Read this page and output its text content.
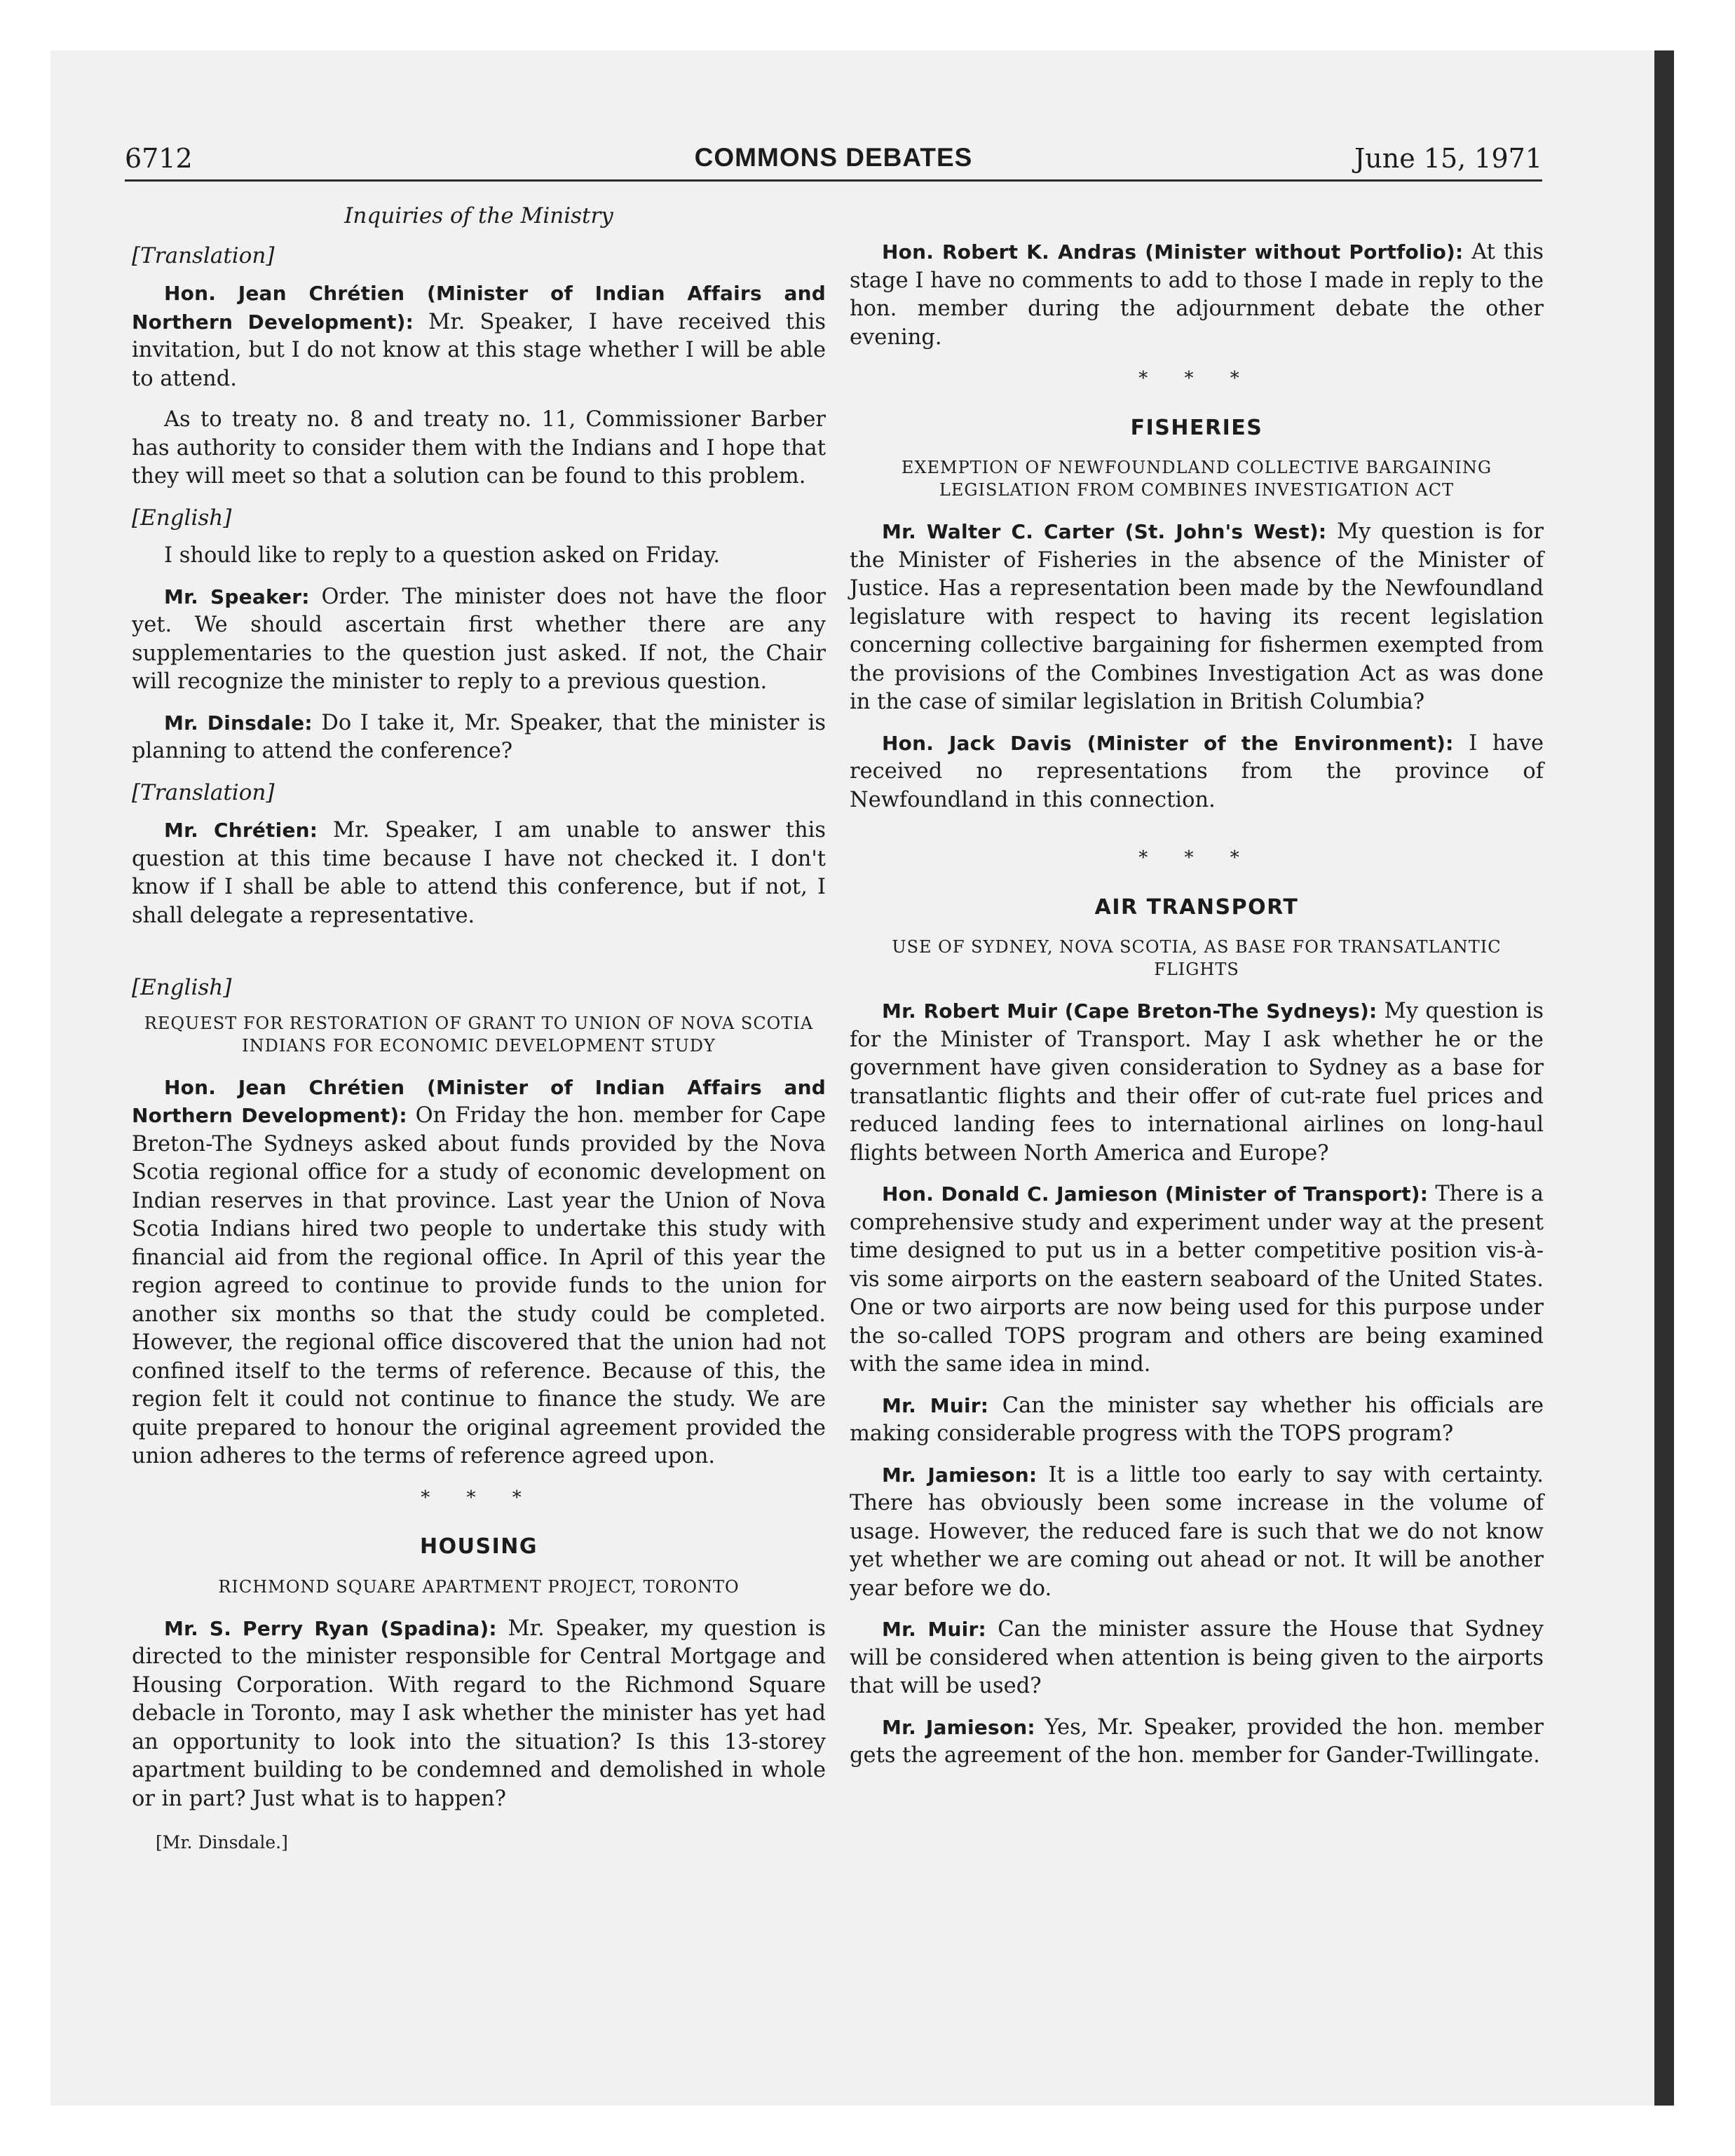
6712	COMMONS DEBATES	June 15, 1971
Inquiries of the Ministry
[Translation]

Hon. Jean Chrétien (Minister of Indian Affairs and Northern Development): Mr. Speaker, I have received this invitation, but I do not know at this stage whether I will be able to attend.

As to treaty no. 8 and treaty no. 11, Commissioner Barber has authority to consider them with the Indians and I hope that they will meet so that a solution can be found to this problem.

[English]

I should like to reply to a question asked on Friday.

Mr. Speaker: Order. The minister does not have the floor yet. We should ascertain first whether there are any supplementaries to the question just asked. If not, the Chair will recognize the minister to reply to a previous question.

Mr. Dinsdale: Do I take it, Mr. Speaker, that the minister is planning to attend the conference?

[Translation]

Mr. Chrétien: Mr. Speaker, I am unable to answer this question at this time because I have not checked it. I don't know if I shall be able to attend this conference, but if not, I shall delegate a representative.

[English]
REQUEST FOR RESTORATION OF GRANT TO UNION OF NOVA SCOTIA INDIANS FOR ECONOMIC DEVELOPMENT STUDY

Hon. Jean Chrétien (Minister of Indian Affairs and Northern Development): On Friday the hon. member for Cape Breton-The Sydneys asked about funds provided by the Nova Scotia regional office for a study of economic development on Indian reserves in that province. Last year the Union of Nova Scotia Indians hired two people to undertake this study with financial aid from the regional office. In April of this year the region agreed to continue to provide funds to the union for another six months so that the study could be completed. However, the regional office discovered that the union had not confined itself to the terms of reference. Because of this, the region felt it could not continue to finance the study. We are quite prepared to honour the original agreement provided the union adheres to the terms of reference agreed upon.

* * *
HOUSING
RICHMOND SQUARE APARTMENT PROJECT, TORONTO

Mr. S. Perry Ryan (Spadina): Mr. Speaker, my question is directed to the minister responsible for Central Mortgage and Housing Corporation. With regard to the Richmond Square debacle in Toronto, may I ask whether the minister has yet had an opportunity to look into the situation? Is this 13-storey apartment building to be condemned and demolished in whole or in part? Just what is to happen?

[Mr. Dinsdale.]

Hon. Robert K. Andras (Minister without Portfolio): At this stage I have no comments to add to those I made in reply to the hon. member during the adjournment debate the other evening.

* * *
FISHERIES
EXEMPTION OF NEWFOUNDLAND COLLECTIVE BARGAINING LEGISLATION FROM COMBINES INVESTIGATION ACT

Mr. Walter C. Carter (St. John's West): My question is for the Minister of Fisheries in the absence of the Minister of Justice. Has a representation been made by the Newfoundland legislature with respect to having its recent legislation concerning collective bargaining for fishermen exempted from the provisions of the Combines Investigation Act as was done in the case of similar legislation in British Columbia?

Hon. Jack Davis (Minister of the Environment): I have received no representations from the province of Newfoundland in this connection.

* * *
AIR TRANSPORT
USE OF SYDNEY, NOVA SCOTIA, AS BASE FOR TRANSATLANTIC FLIGHTS

Mr. Robert Muir (Cape Breton-The Sydneys): My question is for the Minister of Transport. May I ask whether he or the government have given consideration to Sydney as a base for transatlantic flights and their offer of cut-rate fuel prices and reduced landing fees to international airlines on long-haul flights between North America and Europe?

Hon. Donald C. Jamieson (Minister of Transport): There is a comprehensive study and experiment under way at the present time designed to put us in a better competitive position vis-à-vis some airports on the eastern seaboard of the United States. One or two airports are now being used for this purpose under the so-called TOPS program and others are being examined with the same idea in mind.

Mr. Muir: Can the minister say whether his officials are making considerable progress with the TOPS program?

Mr. Jamieson: It is a little too early to say with certainty. There has obviously been some increase in the volume of usage. However, the reduced fare is such that we do not know yet whether we are coming out ahead or not. It will be another year before we do.

Mr. Muir: Can the minister assure the House that Sydney will be considered when attention is being given to the airports that will be used?

Mr. Jamieson: Yes, Mr. Speaker, provided the hon. member gets the agreement of the hon. member for Gander-Twillingate.
